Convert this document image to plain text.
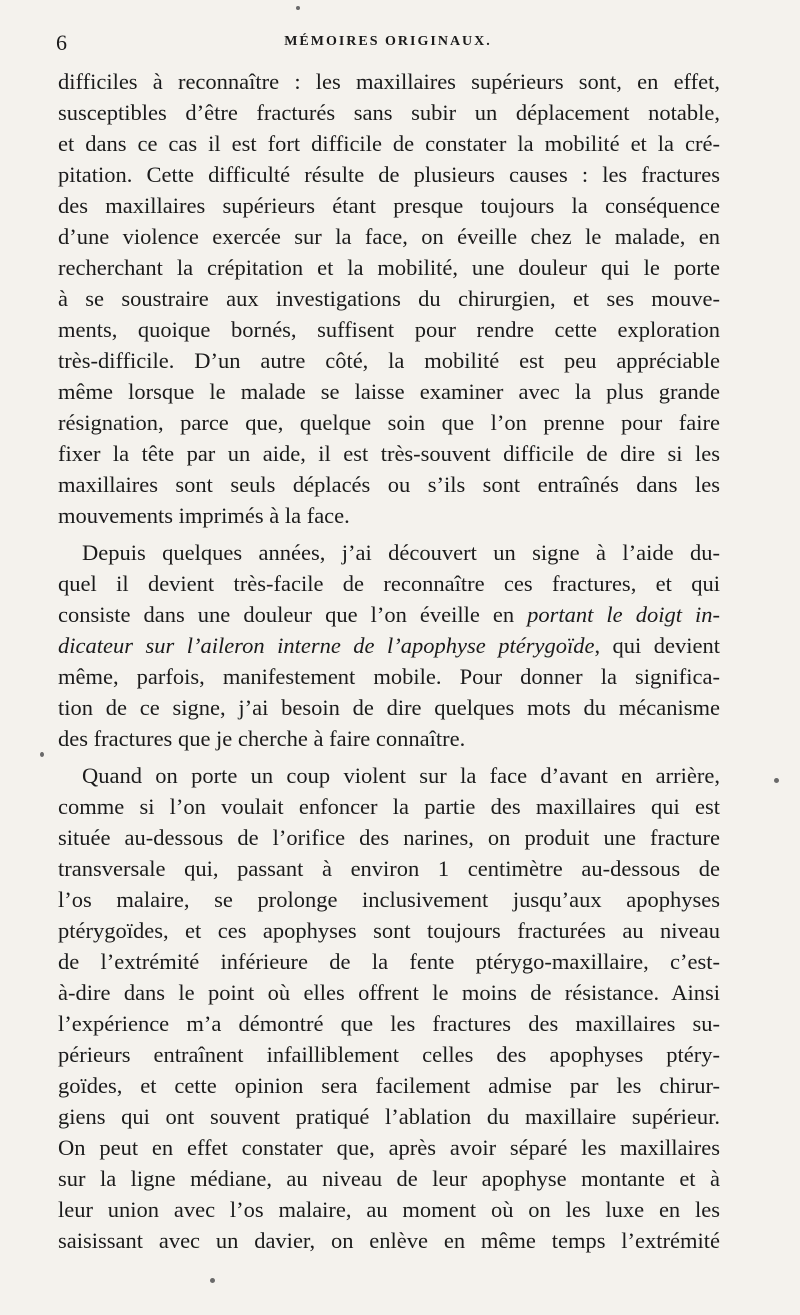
6	MÉMOIRES ORIGINAUX.
difficiles à reconnaître : les maxillaires supérieurs sont, en effet,
susceptibles d’être fracturés sans subir un déplacement notable,
et dans ce cas il est fort difficile de constater la mobilité et la cré-
pitation. Cette difficulté résulte de plusieurs causes : les fractures
des maxillaires supérieurs étant presque toujours la conséquence
d’une violence exercée sur la face, on éveille chez le malade, en
recherchant la crépitation et la mobilité, une douleur qui le porte
à se soustraire aux investigations du chirurgien, et ses mouve-
ments, quoique bornés, suffisent pour rendre cette exploration
très-difficile. D’un autre côté, la mobilité est peu appréciable
même lorsque le malade se laisse examiner avec la plus grande
résignation, parce que, quelque soin que l’on prenne pour faire
fixer la tête par un aide, il est très-souvent difficile de dire si les
maxillaires sont seuls déplacés ou s’ils sont entraînés dans les
mouvements imprimés à la face.
Depuis quelques années, j’ai découvert un signe à l’aide du-
quel il devient très-facile de reconnaître ces fractures, et qui
consiste dans une douleur que l’on éveille en portant le doigt in-
dicateur sur l’aileron interne de l’apophyse ptérygoïde, qui devient
même, parfois, manifestement mobile. Pour donner la significa-
tion de ce signe, j’ai besoin de dire quelques mots du mécanisme
des fractures que je cherche à faire connaître.
Quand on porte un coup violent sur la face d’avant en arrière,
comme si l’on voulait enfoncer la partie des maxillaires qui est
située au-dessous de l’orifice des narines, on produit une fracture
transversale qui, passant à environ 1 centimètre au-dessous de
l’os malaire, se prolonge inclusivement jusqu’aux apophyses
ptérygoïdes, et ces apophyses sont toujours fracturées au niveau
de l’extrémité inférieure de la fente ptérygo-maxillaire, c’est-
à-dire dans le point où elles offrent le moins de résistance. Ainsi
l’expérience m’a démontré que les fractures des maxillaires su-
périeurs entraînent infailliblement celles des apophyses ptéry-
goïdes, et cette opinion sera facilement admise par les chirur-
giens qui ont souvent pratiqué l’ablation du maxillaire supérieur.
On peut en effet constater que, après avoir séparé les maxillaires
sur la ligne médiane, au niveau de leur apophyse montante et à
leur union avec l’os malaire, au moment où on les luxe en les
saisissant avec un davier, on enlève en même temps l’extrémité
